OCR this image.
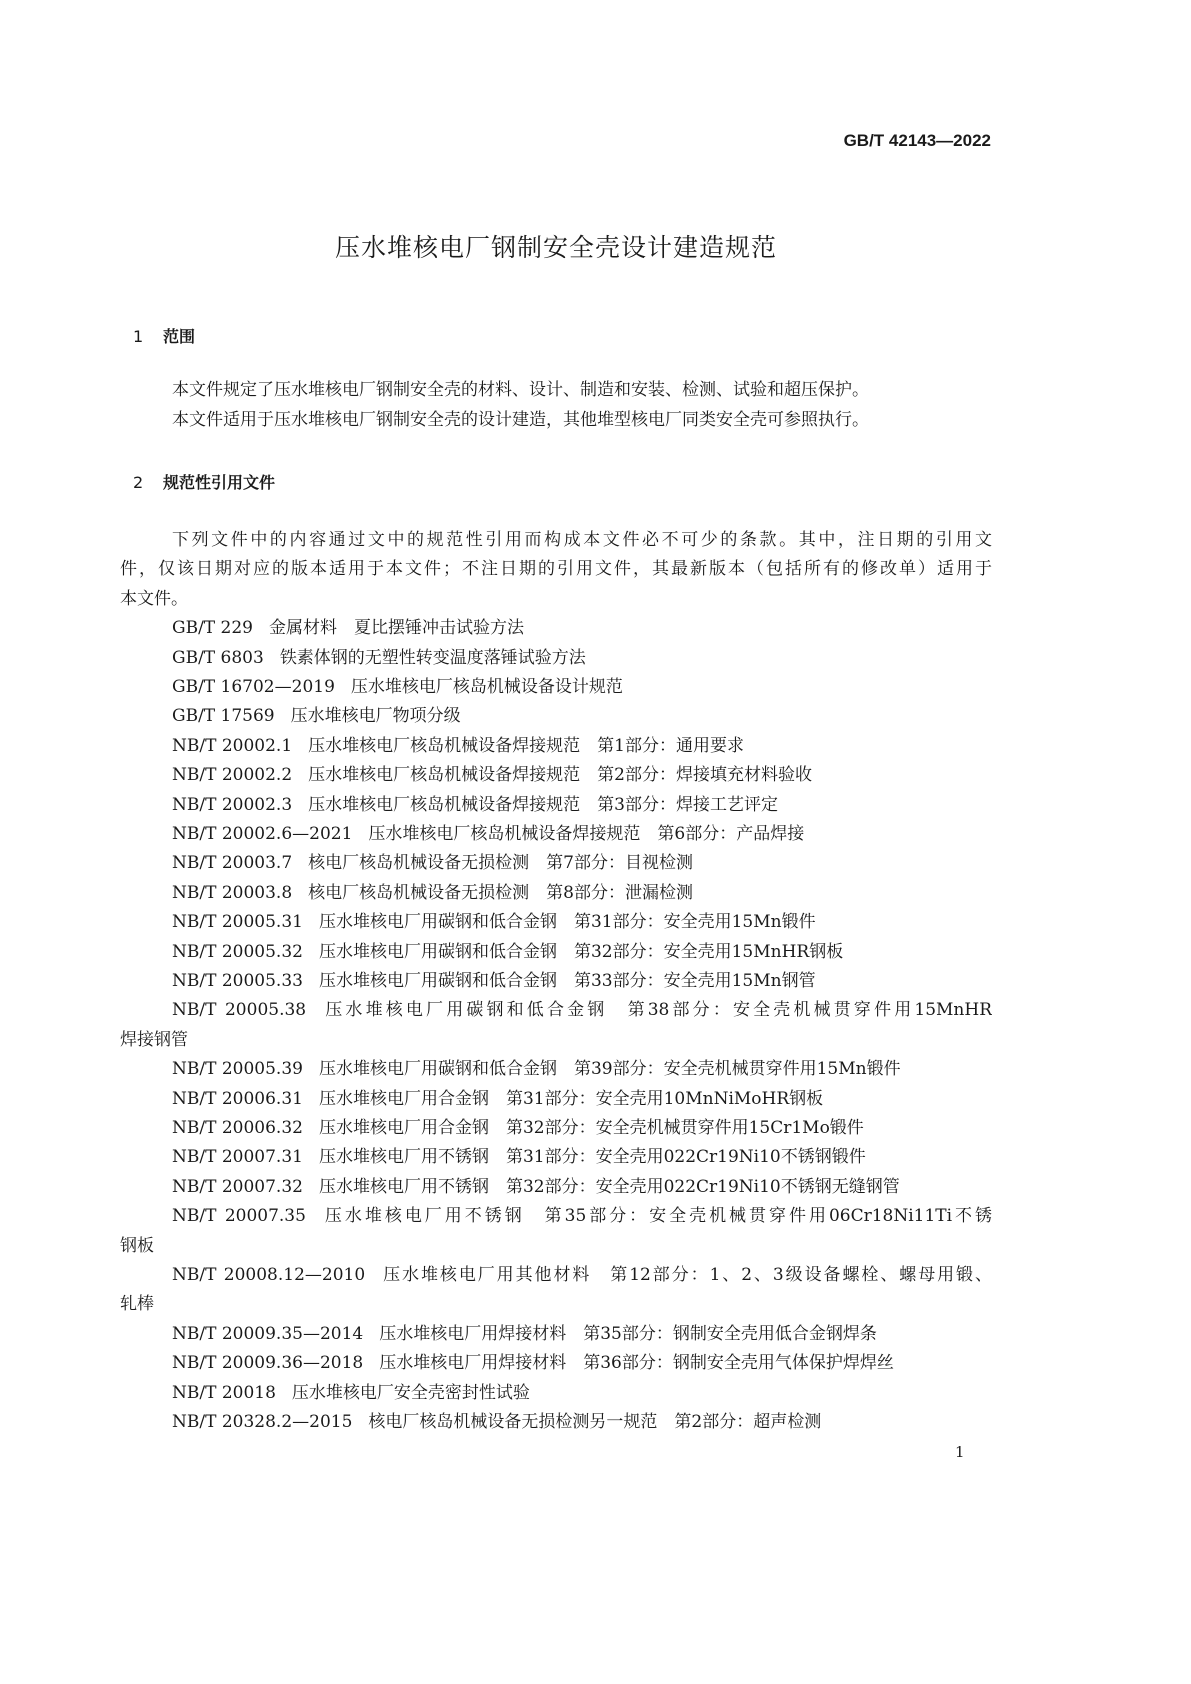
GB/T 42143—2022
压水堆核电厂钢制安全壳设计建造规范
1 范围
本文件规定了压水堆核电厂钢制安全壳的材料、设计、制造和安装、检测、试验和超压保护。
本文件适用于压水堆核电厂钢制安全壳的设计建造，其他堆型核电厂同类安全壳可参照执行。
2 规范性引用文件
下列文件中的内容通过文中的规范性引用而构成本文件必不可少的条款。其中，注日期的引用文
件，仅该日期对应的版本适用于本文件；不注日期的引用文件，其最新版本（包括所有的修改单）适用于
本文件。
GB/T 229 金属材料　夏比摆锤冲击试验方法
GB/T 6803 铁素体钢的无塑性转变温度落锤试验方法
GB/T 16702—2019 压水堆核电厂核岛机械设备设计规范
GB/T 17569 压水堆核电厂物项分级
NB/T 20002.1 压水堆核电厂核岛机械设备焊接规范　第1部分：通用要求
NB/T 20002.2 压水堆核电厂核岛机械设备焊接规范　第2部分：焊接填充材料验收
NB/T 20002.3 压水堆核电厂核岛机械设备焊接规范　第3部分：焊接工艺评定
NB/T 20002.6—2021 压水堆核电厂核岛机械设备焊接规范　第6部分：产品焊接
NB/T 20003.7 核电厂核岛机械设备无损检测　第7部分：目视检测
NB/T 20003.8 核电厂核岛机械设备无损检测　第8部分：泄漏检测
NB/T 20005.31 压水堆核电厂用碳钢和低合金钢　第31部分：安全壳用15Mn锻件
NB/T 20005.32 压水堆核电厂用碳钢和低合金钢　第32部分：安全壳用15MnHR钢板
NB/T 20005.33 压水堆核电厂用碳钢和低合金钢　第33部分：安全壳用15Mn钢管
NB/T 20005.38 压水堆核电厂用碳钢和低合金钢　第38部分：安全壳机械贯穿件用15MnHR
焊接钢管
NB/T 20005.39 压水堆核电厂用碳钢和低合金钢　第39部分：安全壳机械贯穿件用15Mn锻件
NB/T 20006.31 压水堆核电厂用合金钢　第31部分：安全壳用10MnNiMoHR钢板
NB/T 20006.32 压水堆核电厂用合金钢　第32部分：安全壳机械贯穿件用15Cr1Mo锻件
NB/T 20007.31 压水堆核电厂用不锈钢　第31部分：安全壳用022Cr19Ni10不锈钢锻件
NB/T 20007.32 压水堆核电厂用不锈钢　第32部分：安全壳用022Cr19Ni10不锈钢无缝钢管
NB/T 20007.35 压水堆核电厂用不锈钢　第35部分：安全壳机械贯穿件用06Cr18Ni11Ti不锈
钢板
NB/T 20008.12—2010 压水堆核电厂用其他材料　第12部分：1、2、3级设备螺栓、螺母用锻、
轧棒
NB/T 20009.35—2014 压水堆核电厂用焊接材料　第35部分：钢制安全壳用低合金钢焊条
NB/T 20009.36—2018 压水堆核电厂用焊接材料　第36部分：钢制安全壳用气体保护焊焊丝
NB/T 20018 压水堆核电厂安全壳密封性试验
NB/T 20328.2—2015 核电厂核岛机械设备无损检测另一规范　第2部分：超声检测
1
